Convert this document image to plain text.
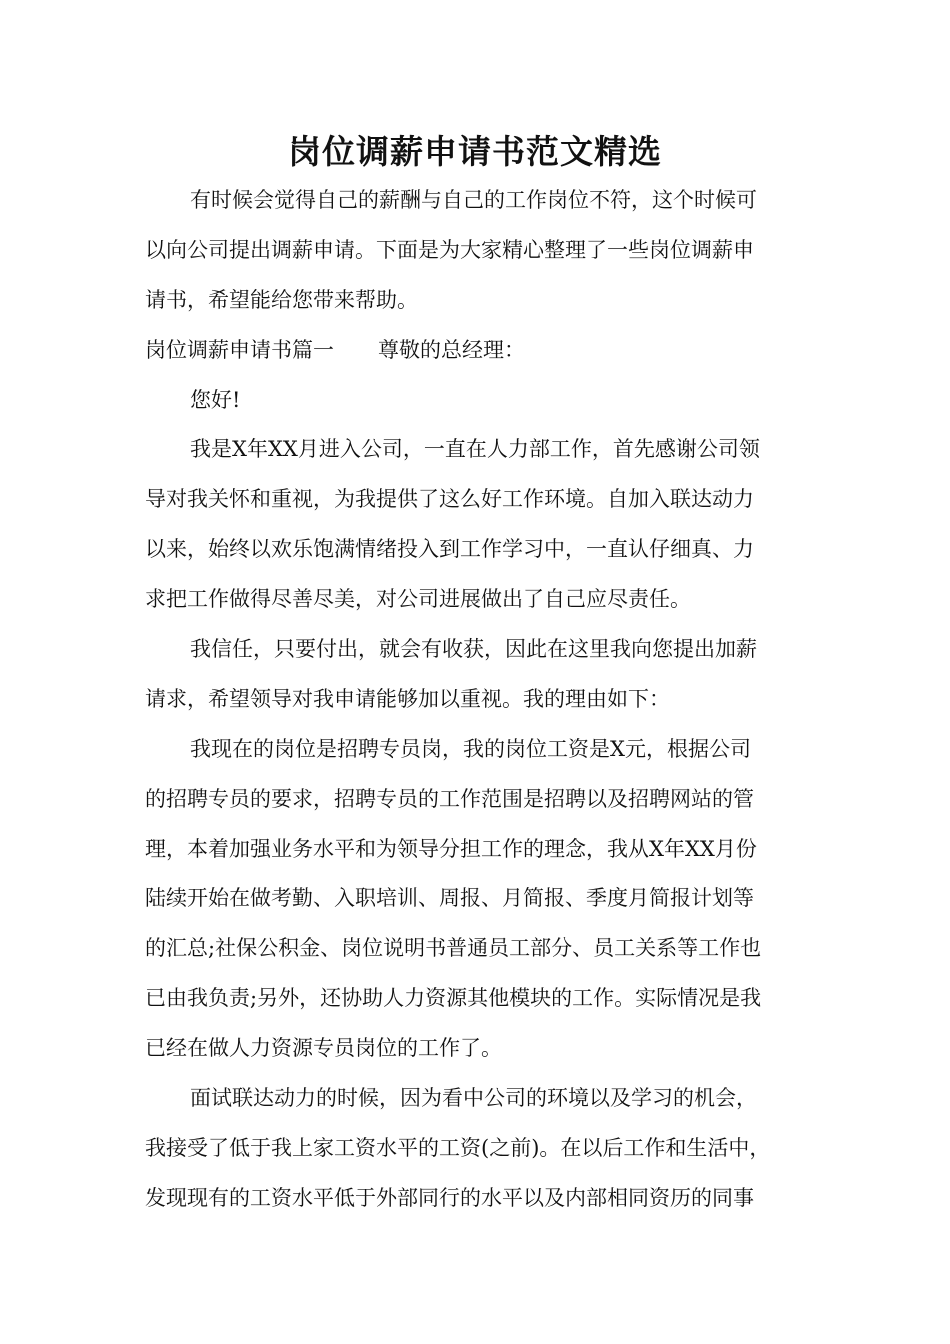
岗位调薪申请书范文精选
有时候会觉得自己的薪酬与自己的工作岗位不符，这个时候可
以向公司提出调薪申请。下面是为大家精心整理了一些岗位调薪申
请书，希望能给您带来帮助。
岗位调薪申请书篇一 尊敬的总经理：
您好!
我是X年XX月进入公司，一直在人力部工作，首先感谢公司领
导对我关怀和重视，为我提供了这么好工作环境。自加入联达动力
以来，始终以欢乐饱满情绪投入到工作学习中，一直认仔细真、力
求把工作做得尽善尽美，对公司进展做出了自己应尽责任。
我信任，只要付出，就会有收获，因此在这里我向您提出加薪
请求，希望领导对我申请能够加以重视。我的理由如下：
我现在的岗位是招聘专员岗，我的岗位工资是X元，根据公司
的招聘专员的要求，招聘专员的工作范围是招聘以及招聘网站的管
理，本着加强业务水平和为领导分担工作的理念，我从X年XX月份
陆续开始在做考勤、入职培训、周报、月简报、季度月简报计划等
的汇总;社保公积金、岗位说明书普通员工部分、员工关系等工作也
已由我负责;另外，还协助人力资源其他模块的工作。实际情况是我
已经在做人力资源专员岗位的工作了。
面试联达动力的时候，因为看中公司的环境以及学习的机会，
我接受了低于我上家工资水平的工资(之前)。在以后工作和生活中，
发现现有的工资水平低于外部同行的水平以及内部相同资历的同事
